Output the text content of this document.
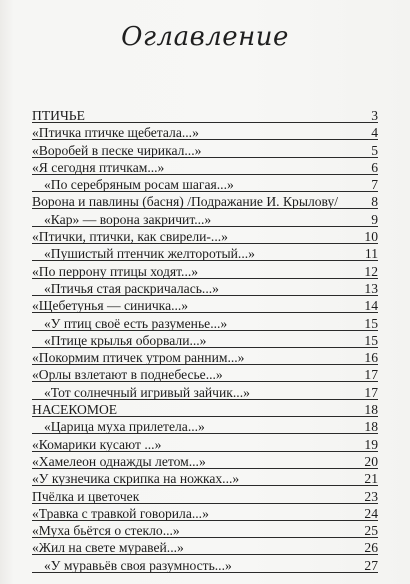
Оглавление
ПТИЧЬЕ	3
«Птичка птичке щебетала...»	4
«Воробей в песке чирикал...»	5
«Я сегодня птичкам...»	6
«По серебряным росам шагая...»	7
Ворона и павлины (басня) /Подражание И. Крылову/	8
«Кар» — ворона закричит...»	9
«Птички, птички, как свирели-...»	10
«Пушистый птенчик желторотый...»	11
«По перрону птицы ходят...»	12
«Птичья стая раскричалась...»	13
«Щебетунья — синичка...»	14
«У птиц своё есть разуменье...»	15
«Птице крылья оборвали...»	15
«Покормим птичек утром ранним...»	16
«Орлы взлетают в поднебесье...»	17
«Тот солнечный игривый зайчик...»	17
НАСЕКОМОЕ	18
«Царица муха прилетела...»	18
«Комарики кусают ...»	19
«Хамелеон однажды летом...»	20
«У кузнечика скрипка на ножках...»	21
Пчёлка и цветочек	23
«Травка с травкой говорила...»	24
«Муха бьётся о стекло...»	25
«Жил на свете муравей...»	26
«У муравьёв своя разумность...»	27
